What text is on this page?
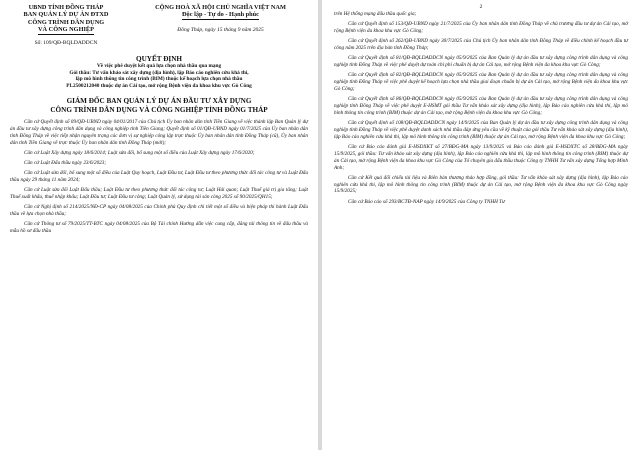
UBND TỈNH ĐỒNG THÁP
BAN QUẢN LÝ DỰ ÁN ĐTXD
CÔNG TRÌNH DÂN DỤNG
VÀ CÔNG NGHIỆP
Số: 109/QĐ-BQLDADDCN
CỘNG HOÀ XÃ HỘI CHỦ NGHĨA VIỆT NAM
Độc lập - Tự do - Hạnh phúc
Đồng Tháp, ngày 15 tháng 9 năm 2025
QUYẾT ĐỊNH
Về việc phê duyệt kết quả lựa chọn nhà thầu qua mạng
Gói thầu: Tư vấn khảo sát xây dựng (địa hình), lập Báo cáo nghiên cứu khả thi,
lập mô hình thông tin công trình (BIM) thuộc kế hoạch lựa chọn nhà thầu
PL2500212040 thuộc dự án Cải tạo, mở rộng Bệnh viện đa khoa khu vực Gò Công
GIÁM ĐỐC BAN QUẢN LÝ DỰ ÁN ĐẦU TƯ XÂY DỰNG
CÔNG TRÌNH DÂN DỤNG VÀ CÔNG NGHIỆP TỈNH ĐỒNG THÁP

Căn cứ Quyết định số 09/QĐ-UBND ngày 04/01/2017 của Chủ tịch Ủy ban nhân dân tỉnh Tiền Giang về việc thành lập Ban Quản lý dự án đầu tư xây dựng công trình dân dụng và công nghiệp tỉnh Tiền Giang; Quyết định số 01/QĐ-UBND ngày 01/7/2025 của Ủy ban nhân dân tỉnh Đồng Tháp về việc tiếp nhận nguyên trạng các đơn vị sự nghiệp công lập trực thuộc Ủy ban nhân dân tỉnh Đồng Tháp (cũ), Ủy ban nhân dân tỉnh Tiền Giang về trực thuộc Ủy ban nhân dân tỉnh Đồng Tháp (mới);

Căn cứ Luật Xây dựng ngày 18/6/2014; Luật sửa đổi, bổ sung một số điều của Luật Xây dựng ngày 17/6/2020;

Căn cứ Luật Đấu thầu ngày 23/6/2023;

Căn cứ Luật sửa đổi, bổ sung một số điều của Luật Quy hoạch, Luật Đầu tư, Luật Đầu tư theo phương thức đối tác công tư và Luật Đấu thầu ngày 29 tháng 11 năm 2024;

Căn cứ Luật sửa đổi Luật Đấu thầu; Luật Đầu tư theo phương thức đối tác công tư; Luật Hải quan; Luật Thuế giá trị gia tăng; Luật Thuế xuất khẩu, thuế nhập khẩu; Luật Đầu tư; Luật Đầu tư công; Luật Quản lý, sử dụng tài sản công 2025 số 90/2025/QH15;

Căn cứ Nghị định số 214/2025/NĐ-CP ngày 04/08/2025 của Chính phủ Quy định chi tiết một số điều và biện pháp thi hành Luật Đấu thầu về lựa chọn nhà thầu;

Căn cứ Thông tư số 79/2025/TT-BTC ngày 04/08/2025 của Bộ Tài chính Hướng dẫn việc cung cấp, đăng tải thông tin về đấu thầu và mẫu hồ sơ đấu thầu

2

trên Hệ thống mạng đấu thầu quốc gia;

Căn cứ Quyết định số 153/QĐ-UBND ngày 21/7/2025 của Ủy ban nhân dân tỉnh Đồng Tháp về chủ trương đầu tư dự án Cải tạo, mở rộng Bệnh viện đa khoa khu vực Gò Công;

Căn cứ Quyết định số 262/QĐ-UBND ngày 30/7/2025 của Chủ tịch Ủy ban nhân dân tỉnh Đồng Tháp về điều chỉnh kế hoạch đầu tư công năm 2025 trên địa bàn tỉnh Đồng Tháp;

Căn cứ Quyết định số 81/QĐ-BQLDADDCN ngày 05/9/2025 của Ban Quản lý dự án đầu tư xây dựng công trình dân dụng và công nghiệp tỉnh Đồng Tháp về việc phê duyệt dự toán chi phí chuẩn bị dự án Cải tạo, mở rộng Bệnh viện đa khoa khu vực Gò Công;

Căn cứ Quyết định số 82/QĐ-BQLDADDCN ngày 05/9/2025 của Ban Quản lý dự án đầu tư xây dựng công trình dân dụng và công nghiệp tỉnh Đồng Tháp về việc phê duyệt kế hoạch lựa chọn nhà thầu giai đoạn chuẩn bị dự án Cải tạo, mở rộng Bệnh viện đa khoa khu vực Gò Công;

Căn cứ Quyết định số 86/QĐ-BQLDADDCN ngày 05/9/2025 của Ban Quản lý dự án đầu tư xây dựng công trình dân dụng và công nghiệp tỉnh Đồng Tháp về việc phê duyệt E-HSMT gói thầu Tư vấn khảo sát xây dựng (địa hình), lập Báo cáo nghiên cứu khả thi, lập mô hình thông tin công trình (BIM) thuộc dự án Cải tạo, mở rộng Bệnh viện đa khoa khu vực Gò Công;

Căn cứ Quyết định số 108/QĐ-BQLDADDCN ngày 14/9/2025 của Ban Quản lý dự án đầu tư xây dựng công trình dân dụng và công nghiệp tỉnh Đồng Tháp về việc phê duyệt danh sách nhà thầu đáp ứng yêu cầu về kỹ thuật của gói thầu Tư vấn khảo sát xây dựng (địa hình), lập Báo cáo nghiên cứu khả thi, lập mô hình thông tin công trình (BIM) thuộc dự án Cải tạo, mở rộng Bệnh viện đa khoa khu vực Gò Công;

Căn cứ Báo cáo đánh giá E-HSDXKT số 27/BĐG-MA ngày 13/9/2025 và Báo cáo đánh giá E-HSDXTC số 28/BĐG-MA ngày 15/9/2025, gói thầu: Tư vấn khảo sát xây dựng (địa hình), lập Báo cáo nghiên cứu khả thi, lập mô hình thông tin công trình (BIM) thuộc dự án Cải tạo, mở rộng Bệnh viện đa khoa khu vực Gò Công của Tổ chuyên gia đấu thầu thuộc Công ty TNHH Tư vấn xây dựng Tổng hợp Minh Anh;

Căn cứ Kết quả đối chiếu tài liệu và Biên bản thương thảo hợp đồng, gói thầu: Tư vấn khảo sát xây dựng (địa hình), lập Báo cáo nghiên cứu khả thi, lập mô hình thông tin công trình (BIM) thuộc dự án Cải tạo, mở rộng Bệnh viện đa khoa khu vực Gò Công ngày 15/9/2025;

Căn cứ Báo cáo số 293/BCTĐ-NAP ngày 14/9/2025 của Công ty TNHH Tư
